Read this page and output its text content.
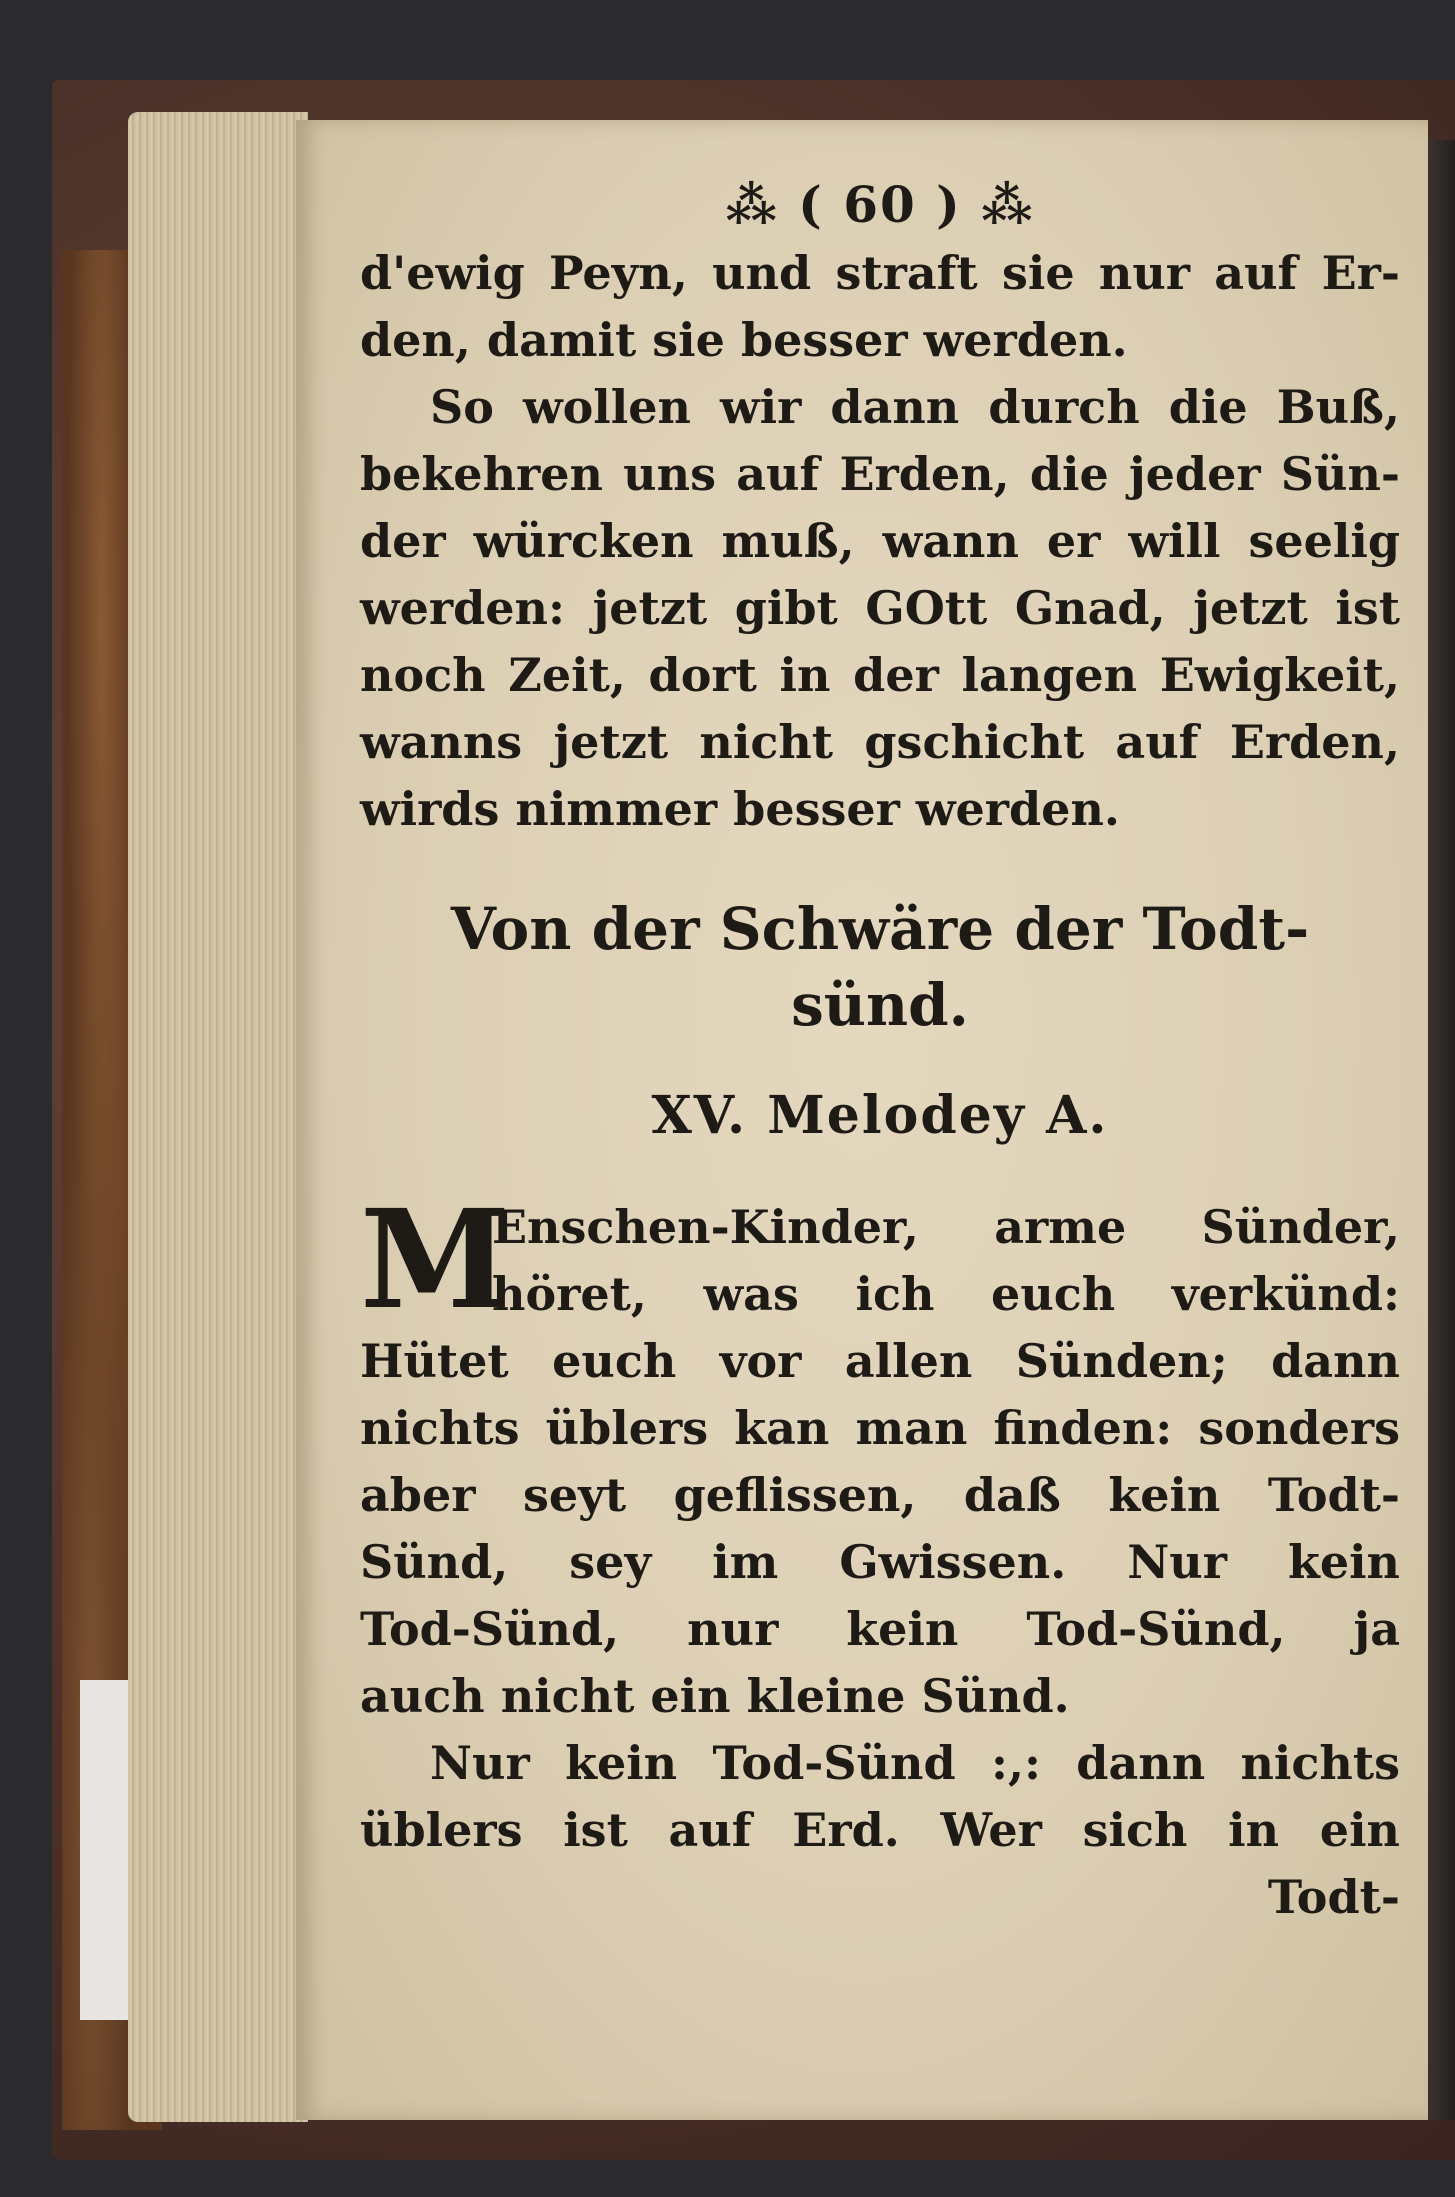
⁂ ( 60 ) ⁂
d'ewig Peyn, und straft sie nur auf Er-
den, damit sie besser werden.
So wollen wir dann durch die Buß,
bekehren uns auf Erden, die jeder Sün-
der würcken muß, wann er will seelig
werden: jetzt gibt GOtt Gnad, jetzt ist
noch Zeit, dort in der langen Ewigkeit,
wanns jetzt nicht gschicht auf Erden,
wirds nimmer besser werden.
Von der Schwäre der Todt-
sünd.
XV. Melodey A.
M
Enschen-Kinder, arme Sünder,
höret, was ich euch verkünd:
Hütet euch vor allen Sünden; dann
nichts üblers kan man finden: sonders
aber seyt geflissen, daß kein Todt-
Sünd, sey im Gwissen. Nur kein
Tod-Sünd, nur kein Tod-Sünd, ja
auch nicht ein kleine Sünd.
Nur kein Tod-Sünd :,: dann nichts
üblers ist auf Erd. Wer sich in ein
Todt-
